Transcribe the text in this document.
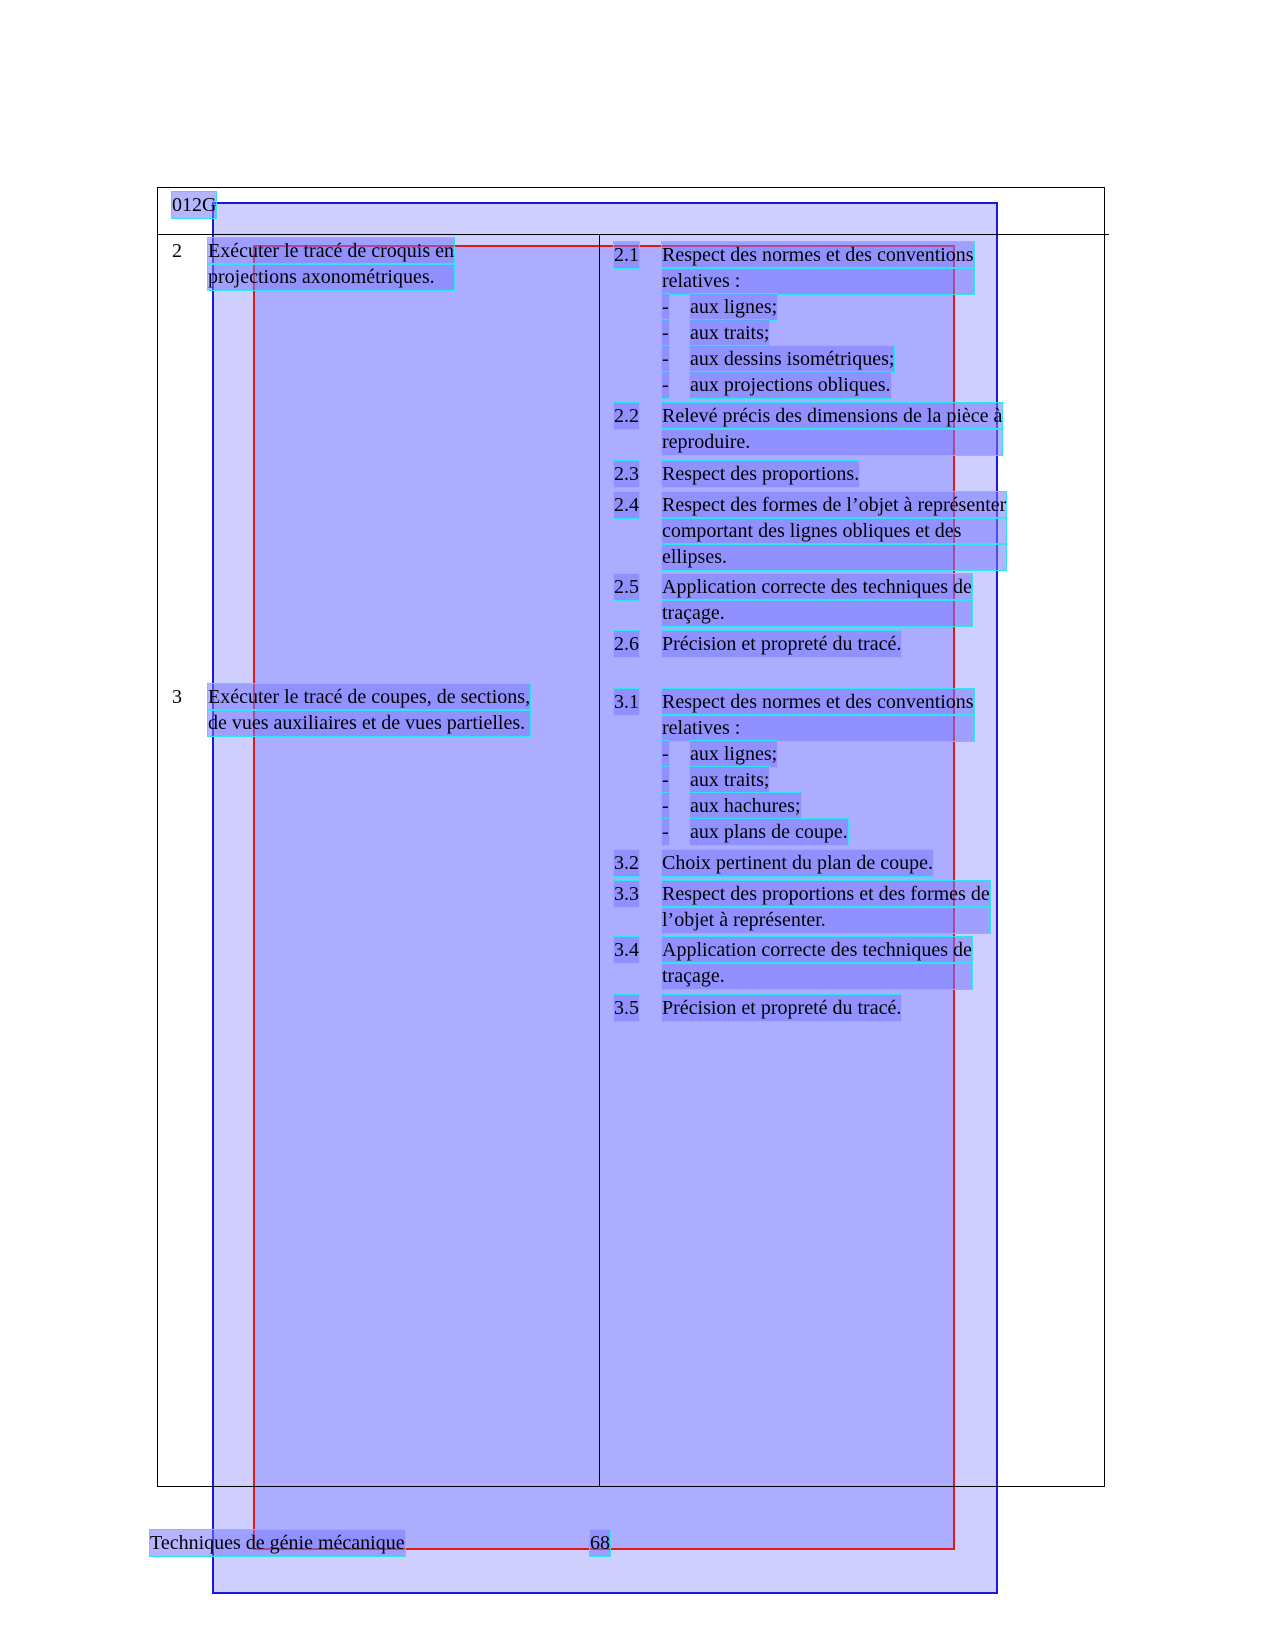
012G
2 Exécuter le tracé de croquis en
projections axonométriques.
2.1 Respect des normes et des conventions
relatives :
- aux lignes;
- aux traits;
- aux dessins isométriques;
- aux projections obliques.
2.2 Relevé précis des dimensions de la pièce à
reproduire.
2.3 Respect des proportions.
2.4 Respect des formes de l’objet à représenter
comportant des lignes obliques et des
ellipses.
2.5 Application correcte des techniques de
traçage.
2.6 Précision et propreté du tracé.
3 Exécuter le tracé de coupes, de sections,
de vues auxiliaires et de vues partielles.
3.1 Respect des normes et des conventions
relatives :
- aux lignes;
- aux traits;
- aux hachures;
- aux plans de coupe.
3.2 Choix pertinent du plan de coupe.
3.3 Respect des proportions et des formes de
l’objet à représenter.
3.4 Application correcte des techniques de
traçage.
3.5 Précision et propreté du tracé.
Techniques de génie mécanique	68
